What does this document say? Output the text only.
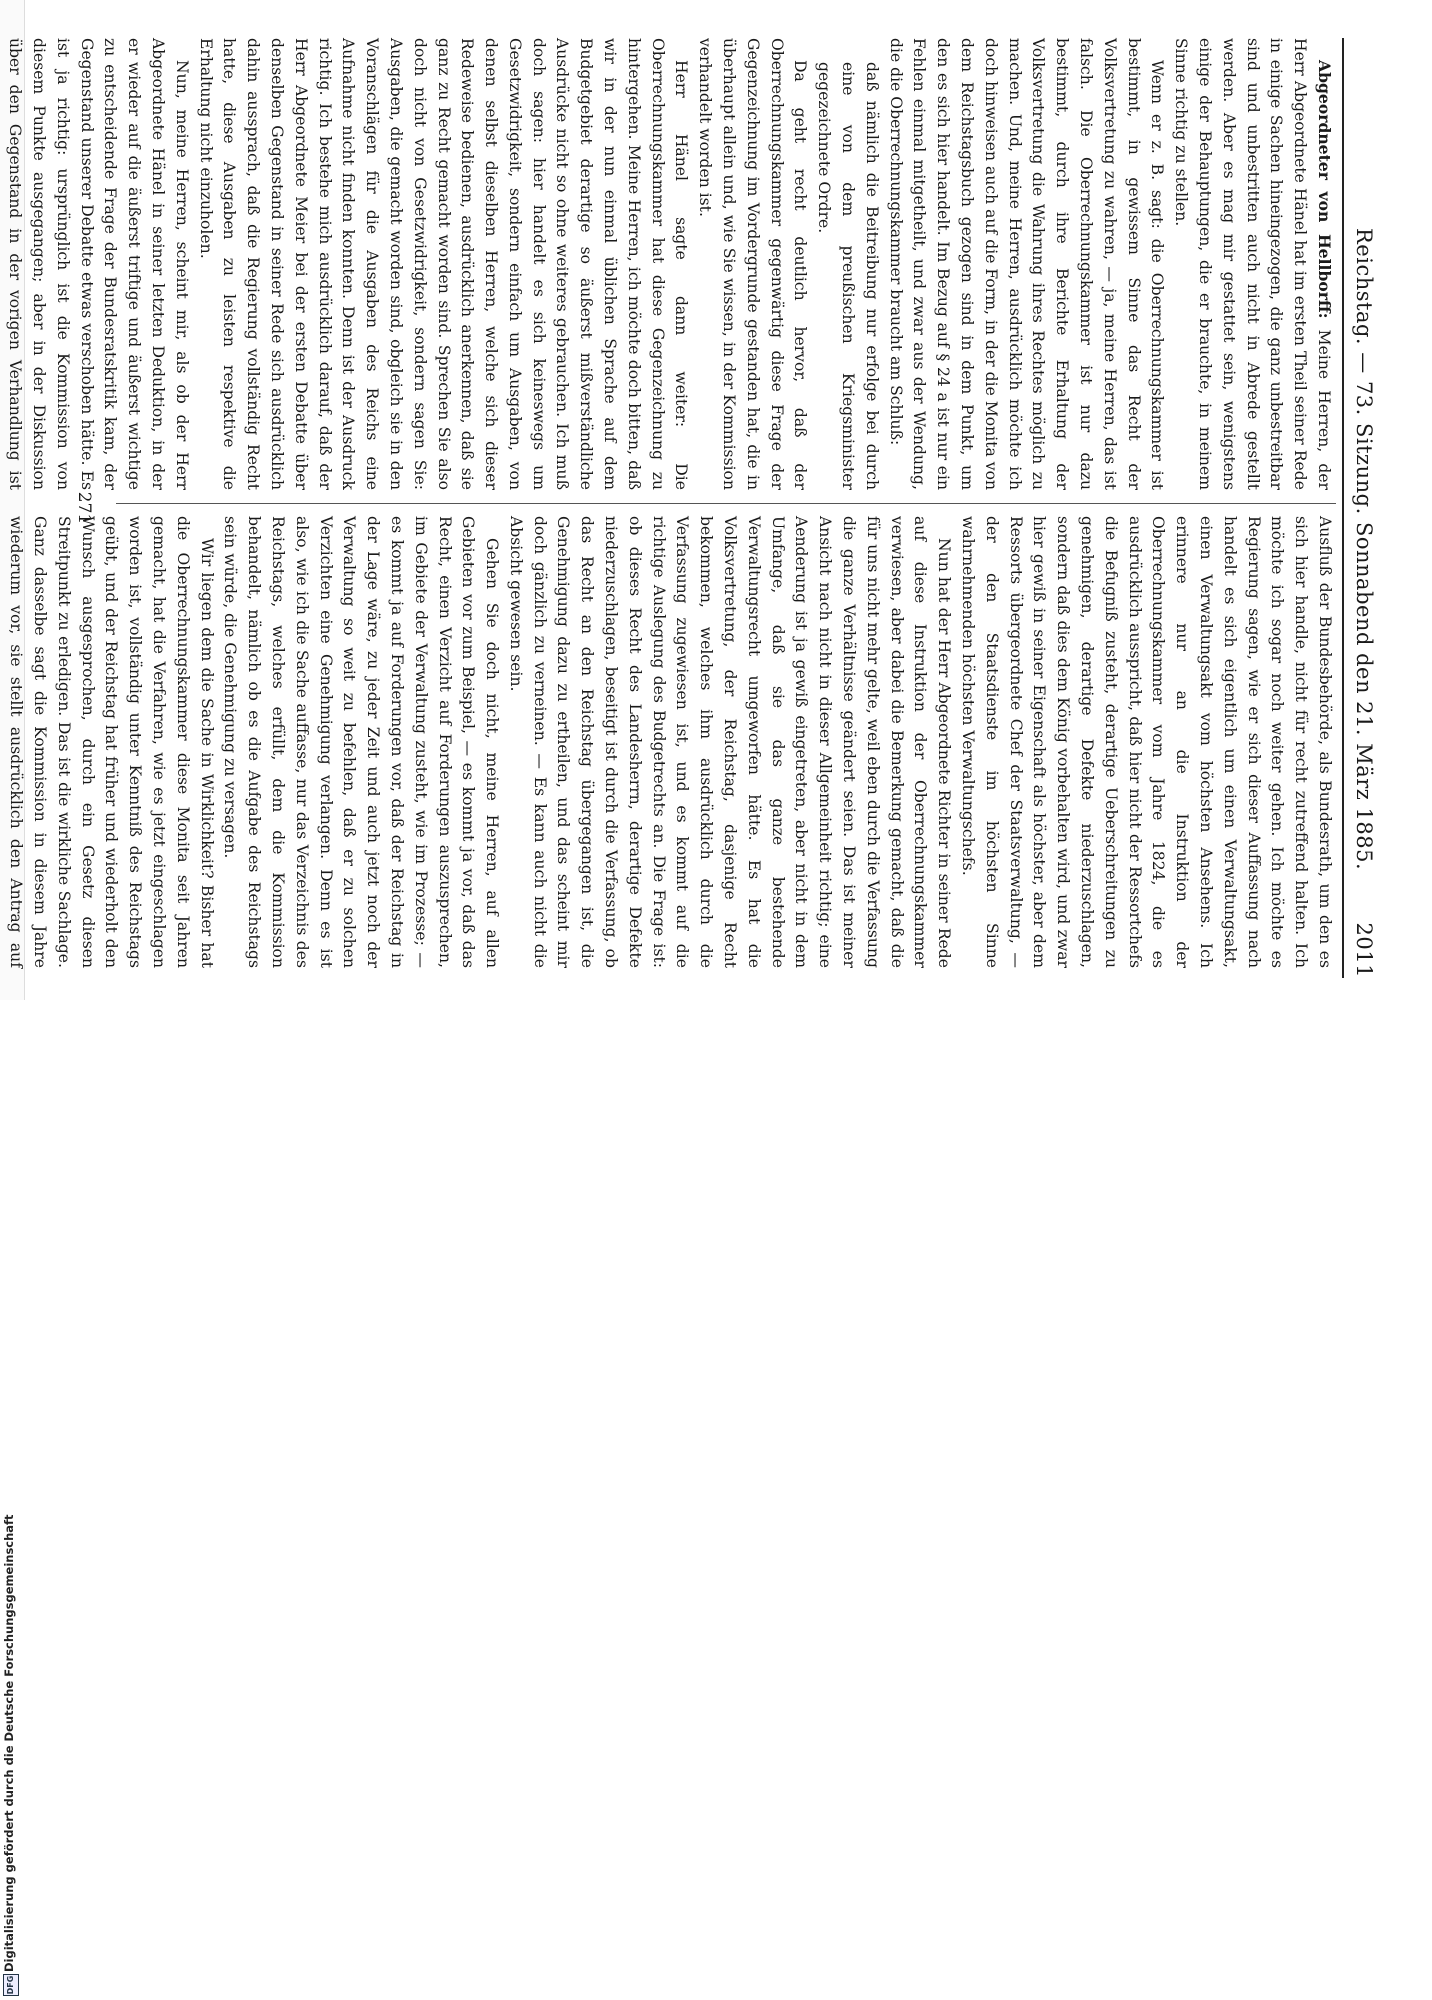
DFG
Digitalisierung gefördert durch die Deutsche Forschungsgemeinschaft
Reichstag. — 73. Sitzung. Sonnabend den 21. März 1885.
2011

Abgeordneter von Hellborff: Meine Herren, der Herr Abgeordnete Hänel hat im ersten Theil seiner Rede in einige Sachen hineingezogen, die ganz unbestreitbar sind und unbestritten auch nicht in Abrede gestellt werden. Aber es mag mir gestattet sein, wenigstens einige der Behauptungen, die er brauchte, in meinem Sinne richtig zu stellen.

Wenn er z. B. sagt: die Oberrechnungskammer ist bestimmt, in gewissem Sinne das Recht der Volksvertretung zu wahren, — ja, meine Herren, das ist falsch. Die Oberrechnungskammer ist nur dazu bestimmt, durch ihre Berichte Erhaltung der Volksvertretung die Wahrung ihres Rechtes möglich zu machen. Und, meine Herren, ausdrücklich möchte ich doch hinweisen auch auf die Form, in der die Monita von dem Reichstagsbuch gezogen sind in dem Punkt, um den es sich hier handelt. Im Bezug auf § 24 a ist nur ein Fehlen einmal mitgetheilt, und zwar aus der Wendung, die die Oberrechnungskammer braucht am Schluß:

daß nämlich die Beitreibung nur erfolge bei durch eine von dem preußischen Kriegsminister gegezeichnete Ordre.

Da geht recht deutlich hervor, daß der Oberrechnungskammer gegenwärtig diese Frage der Gegenzeichnung im Vordergrunde gestanden hat, die in überhaupt allein und, wie Sie wissen, in der Kommission verhandelt worden ist.

Herr Hänel sagte dann weiter: Die Oberrechnungskammer hat diese Gegenzeichnung zu hintergehen. Meine Herren, ich möchte doch bitten, daß wir in der nun einmal üblichen Sprache auf dem Budgetgebiet derartige so äußerst mißverständliche Ausdrücke nicht so ohne weiteres gebrauchen. Ich muß doch sagen: hier handelt es sich keineswegs um Gesetzwidrigkeit, sondern einfach um Ausgaben, von denen selbst dieselben Herren, welche sich dieser Redeweise bedienen, ausdrücklich anerkennen, daß sie ganz zu Recht gemacht worden sind. Sprechen Sie also doch nicht von Gesetzwidrigkeit, sondern sagen Sie: Ausgaben, die gemacht worden sind, obgleich sie in den Voranschlägen für die Ausgaben des Reichs eine Aufnahme nicht finden konnten. Denn ist der Ausdruck richtig. Ich bestehe mich ausdrücklich darauf, daß der Herr Abgeordnete Meier bei der ersten Debatte über denselben Gegenstand in seiner Rede sich ausdrücklich dahin aussprach, daß die Regierung vollständig Recht hatte, diese Ausgaben zu leisten respektive die Erhaltung nicht einzuholen.

Nun, meine Herren, scheint mir, als ob der Herr Abgeordnete Hänel in seiner letzten Deduktion, in der er wieder auf die äußerst triftige und äußerst wichtige zu entscheidende Frage der Bundesratskritik kam, der Gegenstand unserer Debatte etwas verschoben hätte. Es ist ja richtig: ursprünglich ist die Kommission von diesem Punkte ausgegangen; aber in der Diskussion über den Gegenstand in der vorigen Verhandlung ist

Ausfluß der Bundesbehörde, als Bundesrath, um den es sich hier handle, nicht für recht zutreffend halten. Ich möchte ich sogar noch weiter gehen. Ich möchte es Regierung sagen, wie er sich dieser Auffassung nach handelt es sich eigentlich um einen Verwaltungsakt, einen Verwaltungsakt vom höchsten Ansehens. Ich erinnere nur an die Instruktion der Oberrechnungskammer vom Jahre 1824, die es ausdrücklich ausspricht, daß hier nicht der Ressortchefs die Befugniß zusteht, derartige Ueberschreitungen zu genehmigen, derartige Defekte niederzuschlagen, sondern daß dies dem König vorbehalten wird, und zwar hier gewiß in seiner Eigenschaft als höchster, aber dem Ressorts übergeordnete Chef der Staatsverwaltung, — der den Staatsdienste im höchsten Sinne wahrnehmenden höchsten Verwaltungschefs.

Nun hat der Herr Abgeordnete Richter in seiner Rede auf diese Instruktion der Oberrechnungskammer verwiesen, aber dabei die Bemerkung gemacht, daß die für uns nicht mehr gelte, weil eben durch die Verfassung die ganze Verhältnisse geändert seien. Das ist meiner Ansicht nach nicht in dieser Allgemeinheit richtig; eine Aenderung ist ja gewiß eingetreten, aber nicht in dem Umfange, daß sie das ganze bestehende Verwaltungsrecht umgeworfen hätte. Es hat die Volksvertretung, der Reichstag, dasjenige Recht bekommen, welches ihm ausdrücklich durch die Verfassung zugewiesen ist, und es kommt auf die richtige Auslegung des Budgetrechts an. Die Frage ist: ob dieses Recht des Landesherrn, derartige Defekte niederzuschlagen, beseitigt ist durch die Verfassung, ob das Recht an den Reichstag übergegangen ist, die Genehmigung dazu zu ertheilen, und das scheint mir doch gänzlich zu verneinen. — Es kann auch nicht die Absicht gewesen sein.

Gehen Sie doch nicht, meine Herren, auf allen Gebieten vor zum Beispiel, — es kommt ja vor, daß das Recht, einen Verzicht auf Forderungen auszusprechen, im Gebiete der Verwaltung zusteht, wie im Prozesse; — es kommt ja auf Forderungen vor, daß der Reichstag in der Lage wäre, zu jeder Zeit und auch jetzt noch der Verwaltung so weit zu befehlen, daß er zu solchen Verzichten eine Genehmigung verlangen. Denn es ist also, wie ich die Sache auffasse, nur das Verzeichnis des Reichstags, welches erfüllt, dem die Kommission behandelt, nämlich ob es die Aufgabe des Reichstags sein würde, die Genehmigung zu versagen.

Wir liegen dem die Sache in Wirklichkeit? Bisher hat die Oberrechnungskammer diese Monita seit Jahren gemacht, hat die Verfahren, wie es jetzt eingeschlagen worden ist, vollständig unter Kenntniß des Reichstags geübt, und der Reichstag hat früher und wiederholt den Wunsch ausgesprochen, durch ein Gesetz diesen Streitpunkt zu erledigen. Das ist die wirkliche Sachlage. Ganz dasselbe sagt die Kommission in diesem Jahre wiederum vor, sie stellt ausdrücklich den Antrag auf

271
